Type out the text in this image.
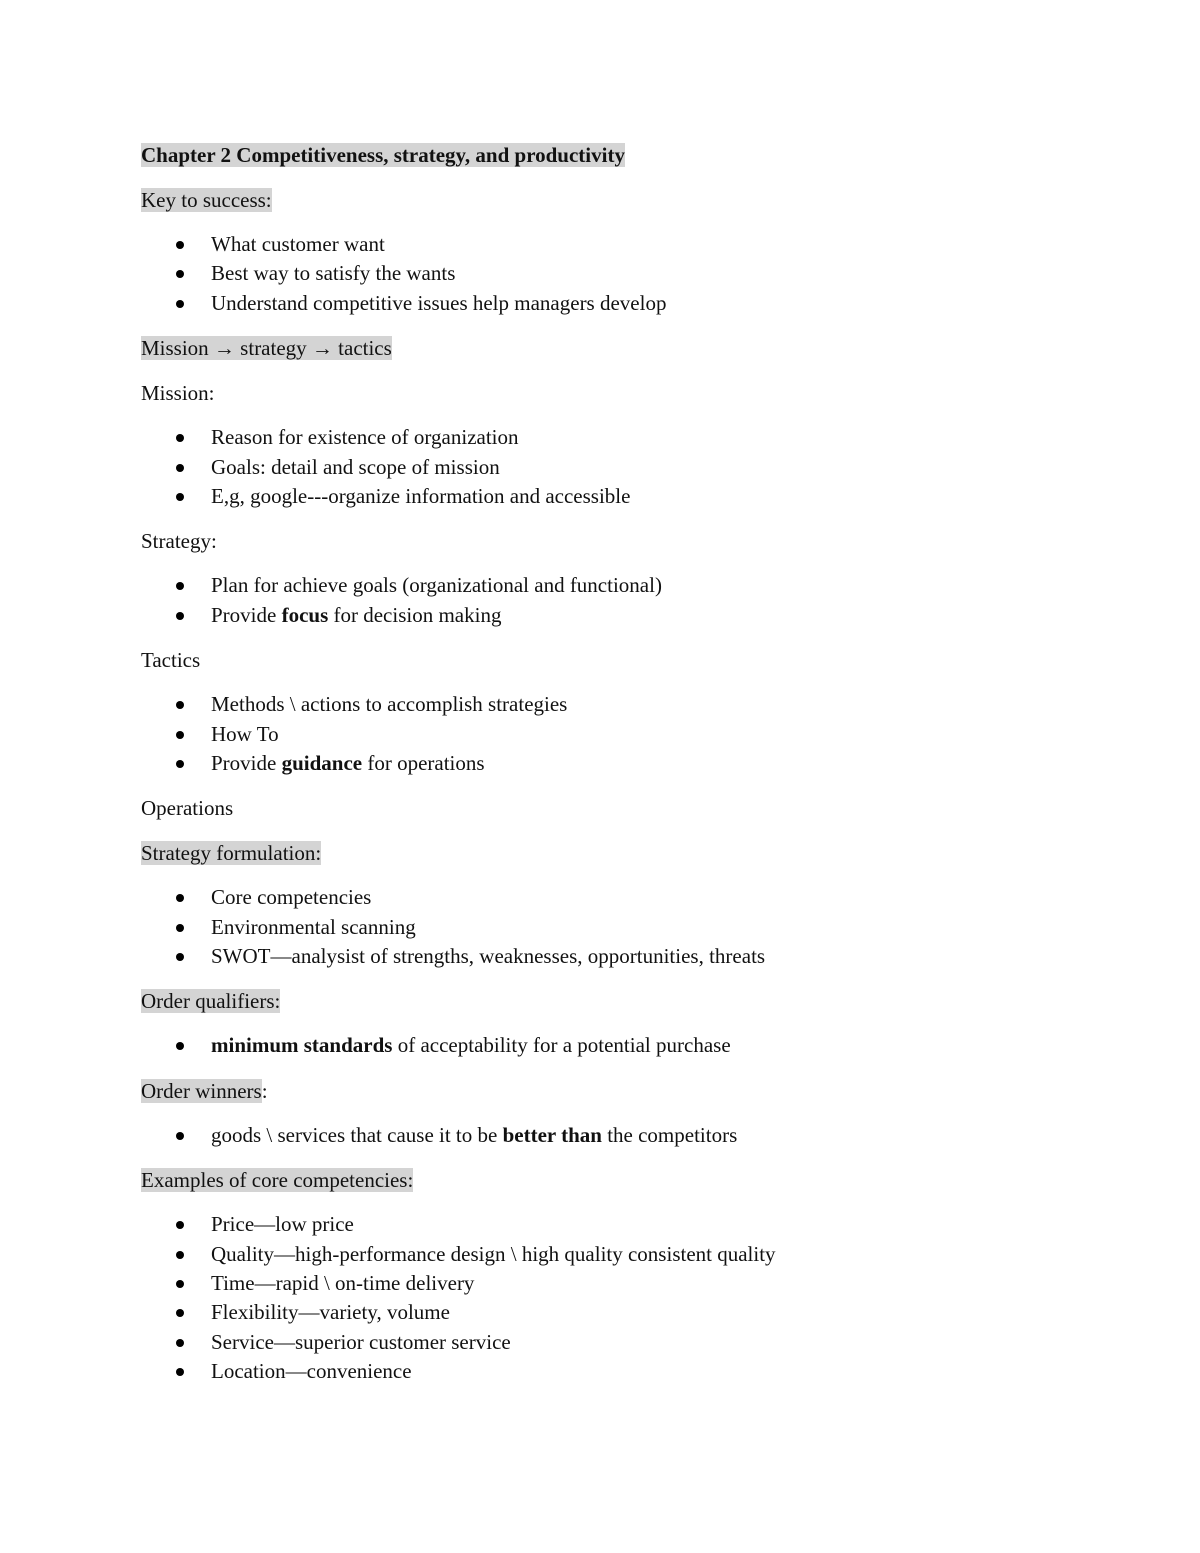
Chapter 2 Competitiveness, strategy, and productivity
Key to success:
What customer want
Best way to satisfy the wants
Understand competitive issues help managers develop
Mission → strategy → tactics
Mission:
Reason for existence of organization
Goals: detail and scope of mission
E,g, google---organize information and accessible
Strategy:
Plan for achieve goals (organizational and functional)
Provide focus for decision making
Tactics
Methods \ actions to accomplish strategies
How To
Provide guidance for operations
Operations
Strategy formulation:
Core competencies
Environmental scanning
SWOT—analysist of strengths, weaknesses, opportunities, threats
Order qualifiers:
minimum standards of acceptability for a potential purchase
Order winners:
goods \ services that cause it to be better than the competitors
Examples of core competencies:
Price—low price
Quality—high-performance design \ high quality consistent quality
Time—rapid \ on-time delivery
Flexibility—variety, volume
Service—superior customer service
Location—convenience
